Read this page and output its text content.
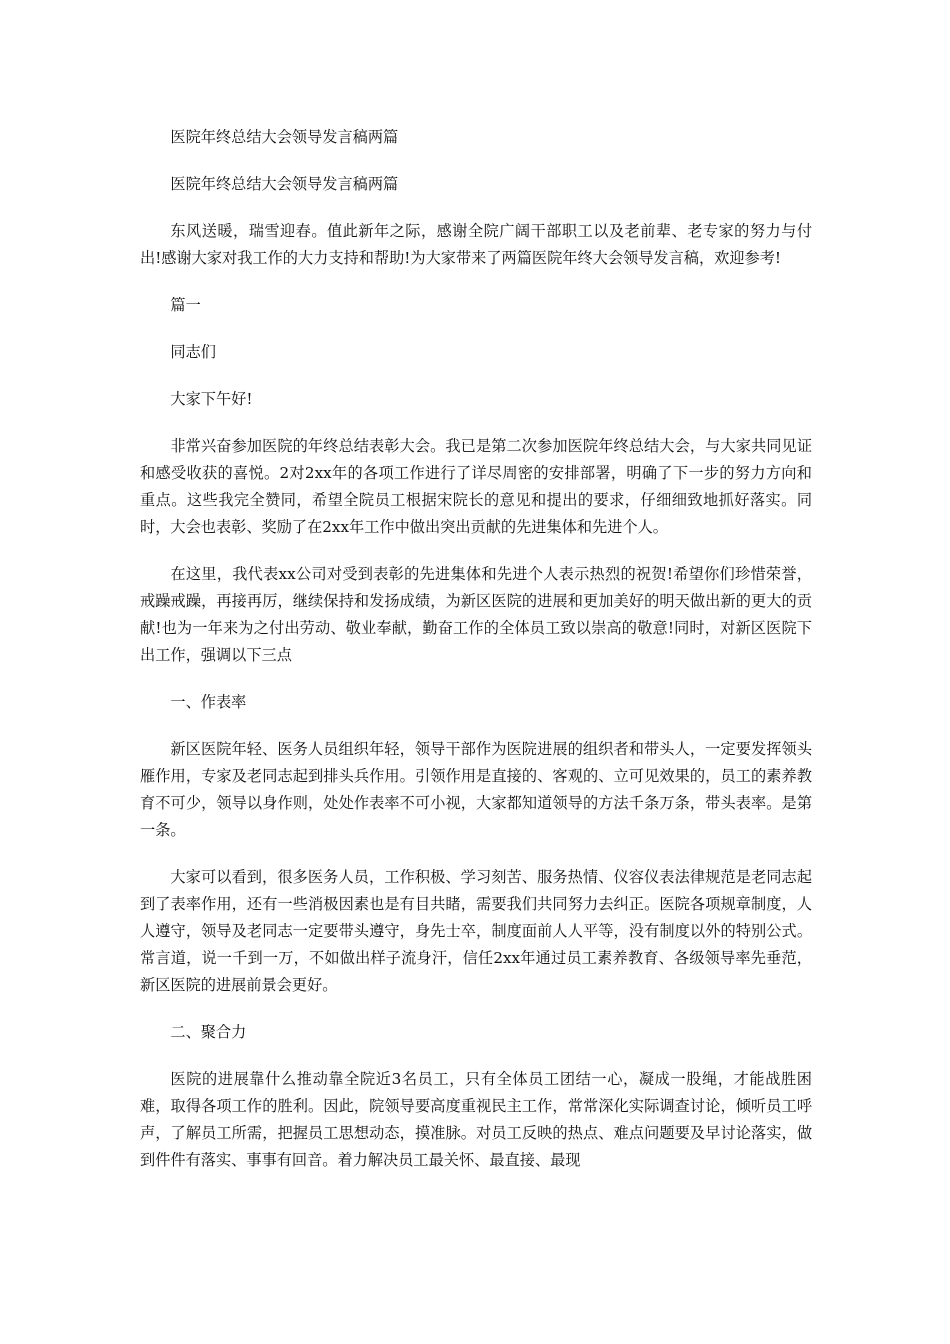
医院年终总结大会领导发言稿两篇

医院年终总结大会领导发言稿两篇

东风送暖，瑞雪迎春。值此新年之际，感谢全院广阔干部职工以及老前辈、老专家的努力与付出!感谢大家对我工作的大力支持和帮助!为大家带来了两篇医院年终大会领导发言稿，欢迎参考!

篇一

同志们

大家下午好!

非常兴奋参加医院的年终总结表彰大会。我已是第二次参加医院年终总结大会，与大家共同见证和感受收获的喜悦。2对2xx年的各项工作进行了详尽周密的安排部署，明确了下一步的努力方向和重点。这些我完全赞同，希望全院员工根据宋院长的意见和提出的要求，仔细细致地抓好落实。同时，大会也表彰、奖励了在2xx年工作中做出突出贡献的先进集体和先进个人。

在这里，我代表xx公司对受到表彰的先进集体和先进个人表示热烈的祝贺!希望你们珍惜荣誉，戒躁戒躁，再接再厉，继续保持和发扬成绩，为新区医院的进展和更加美好的明天做出新的更大的贡献!也为一年来为之付出劳动、敬业奉献，勤奋工作的全体员工致以崇高的敬意!同时，对新区医院下出工作，强调以下三点

一、作表率

新区医院年轻、医务人员组织年轻，领导干部作为医院进展的组织者和带头人，一定要发挥领头雁作用，专家及老同志起到排头兵作用。引领作用是直接的、客观的、立可见效果的，员工的素养教育不可少，领导以身作则，处处作表率不可小视，大家都知道领导的方法千条万条，带头表率。是第一条。

大家可以看到，很多医务人员，工作积极、学习刻苦、服务热情、仪容仪表法律规范是老同志起到了表率作用，还有一些消极因素也是有目共睹，需要我们共同努力去纠正。医院各项规章制度，人人遵守，领导及老同志一定要带头遵守，身先士卒，制度面前人人平等，没有制度以外的特别公式。常言道，说一千到一万，不如做出样子流身汗，信任2xx年通过员工素养教育、各级领导率先垂范，新区医院的进展前景会更好。

二、聚合力

医院的进展靠什么推动靠全院近3名员工，只有全体员工团结一心，凝成一股绳，才能战胜困难，取得各项工作的胜利。因此，院领导要高度重视民主工作，常常深化实际调查讨论，倾听员工呼声，了解员工所需，把握员工思想动态，摸准脉。对员工反映的热点、难点问题要及早讨论落实，做到件件有落实、事事有回音。着力解决员工最关怀、最直接、最现
